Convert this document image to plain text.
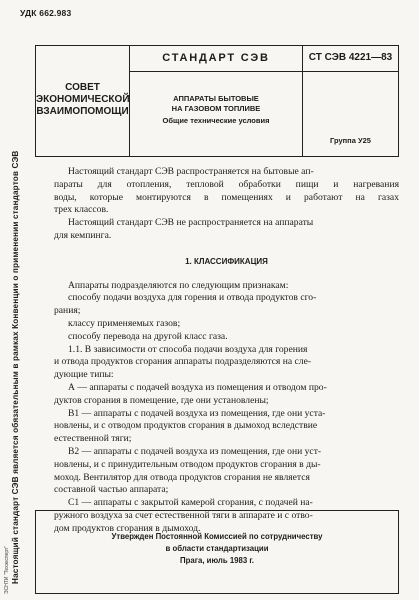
УДК 662.983
Настоящий стандарт СЭВ является обязательным в рамках Конвенции о применении стандартов СЭВ
ЭСНТИ "Техэксперт"
СОВЕТ
ЭКОНОМИЧЕСКОЙ
ВЗАИМОПОМОЩИ
СТАНДАРТ СЭВ
АППАРАТЫ БЫТОВЫЕ
НА ГАЗОВОМ ТОПЛИВЕ
Общие технические условия
СТ СЭВ 4221—83
Группа У25
Настоящий стандарт СЭВ распространяется на бытовые ап-
параты для отопления, тепловой обработки пищи и нагревания
воды, которые монтируются в помещениях и работают на газах
трех классов.
Настоящий стандарт СЭВ не распространяется на аппараты
для кемпинга.
1. КЛАССИФИКАЦИЯ
Аппараты подразделяются по следующим признакам:
способу подачи воздуха для горения и отвода продуктов сго-
рания;
классу применяемых газов;
способу перевода на другой класс газа.
1.1. В зависимости от способа подачи воздуха для горения
и отвода продуктов сгорания аппараты подразделяются на сле-
дующие типы:
А — аппараты с подачей воздуха из помещения и отводом про-
дуктов сгорания в помещение, где они установлены;
В1 — аппараты с подачей воздуха из помещения, где они уста-
новлены, и с отводом продуктов сгорания в дымоход вследствие
естественной тяги;
В2 — аппараты с подачей воздуха из помещения, где они уст-
новлены, и с принудительным отводом продуктов сгорания в ды-
моход. Вентилятор для отвода продуктов сгорания не является
составной частью аппарата;
С1 — аппараты с закрытой камерой сгорания, с подачей на-
ружного воздуха за счет естественной тяги в аппарате и с отво-
дом продуктов сгорания в дымоход.
Утвержден Постоянной Комиссией по сотрудничеству
в области стандартизации
Прага, июль 1983 г.
